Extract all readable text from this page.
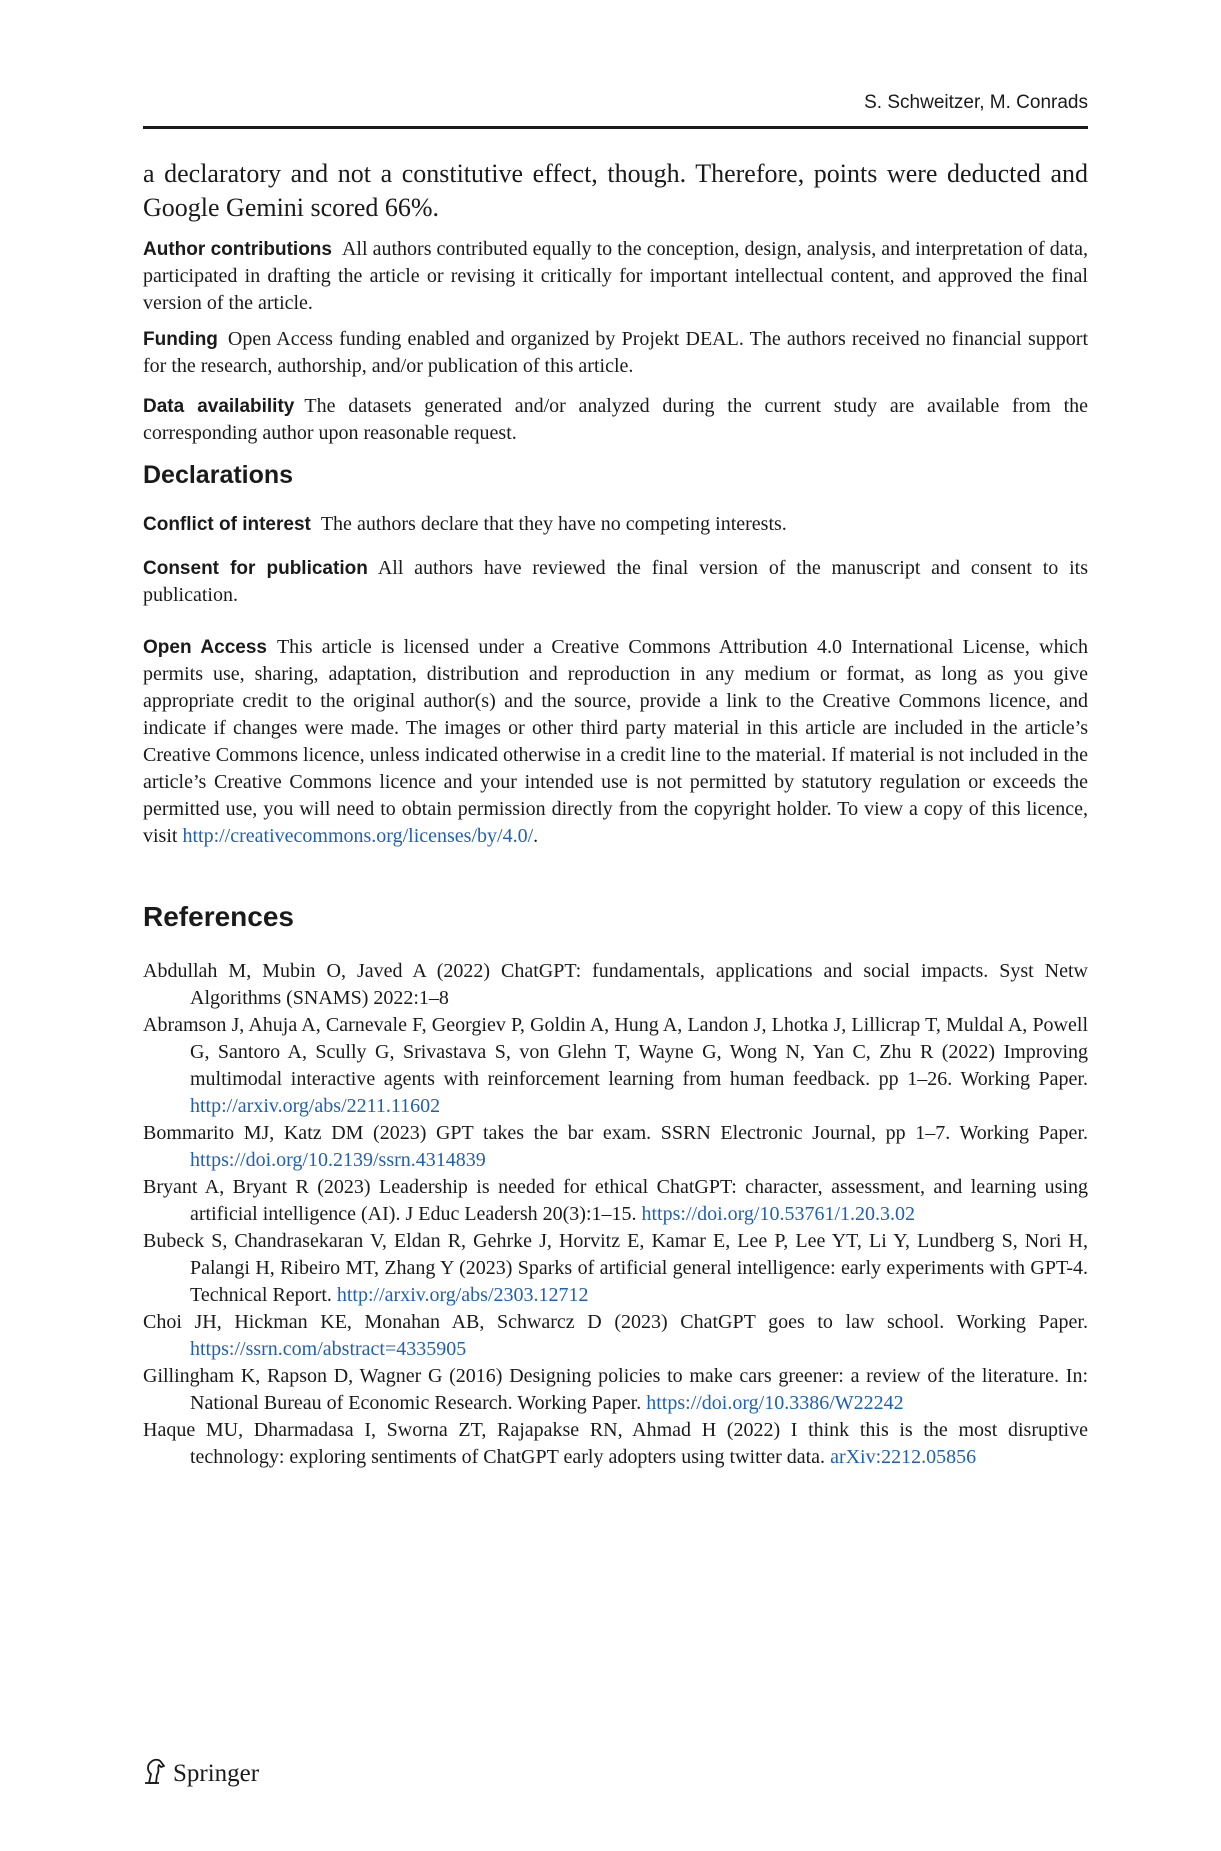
S. Schweitzer, M. Conrads
a declaratory and not a constitutive effect, though. Therefore, points were deducted and Google Gemini scored 66%.

Author contributions All authors contributed equally to the conception, design, analysis, and interpretation of data, participated in drafting the article or revising it critically for important intellectual content, and approved the final version of the article.

Funding Open Access funding enabled and organized by Projekt DEAL. The authors received no financial support for the research, authorship, and/or publication of this article.

Data availability The datasets generated and/or analyzed during the current study are available from the corresponding author upon reasonable request.

Declarations

Conflict of interest The authors declare that they have no competing interests.

Consent for publication All authors have reviewed the final version of the manuscript and consent to its publication.

Open Access This article is licensed under a Creative Commons Attribution 4.0 International License, which permits use, sharing, adaptation, distribution and reproduction in any medium or format, as long as you give appropriate credit to the original author(s) and the source, provide a link to the Creative Commons licence, and indicate if changes were made. The images or other third party material in this article are included in the article’s Creative Commons licence, unless indicated otherwise in a credit line to the material. If material is not included in the article’s Creative Commons licence and your intended use is not permitted by statutory regulation or exceeds the permitted use, you will need to obtain permission directly from the copyright holder. To view a copy of this licence, visit http://creativecommons.org/licenses/by/4.0/.

References
Abdullah M, Mubin O, Javed A (2022) ChatGPT: fundamentals, applications and social impacts. Syst Netw Algorithms (SNAMS) 2022:1–8
Abramson J, Ahuja A, Carnevale F, Georgiev P, Goldin A, Hung A, Landon J, Lhotka J, Lillicrap T, Muldal A, Powell G, Santoro A, Scully G, Srivastava S, von Glehn T, Wayne G, Wong N, Yan C, Zhu R (2022) Improving multimodal interactive agents with reinforcement learning from human feedback. pp 1–26. Working Paper. http://arxiv.org/abs/2211.11602
Bommarito MJ, Katz DM (2023) GPT takes the bar exam. SSRN Electronic Journal, pp 1–7. Working Paper. https://doi.org/10.2139/ssrn.4314839
Bryant A, Bryant R (2023) Leadership is needed for ethical ChatGPT: character, assessment, and learning using artificial intelligence (AI). J Educ Leadersh 20(3):1–15. https://doi.org/10.53761/1.20.3.02
Bubeck S, Chandrasekaran V, Eldan R, Gehrke J, Horvitz E, Kamar E, Lee P, Lee YT, Li Y, Lundberg S, Nori H, Palangi H, Ribeiro MT, Zhang Y (2023) Sparks of artificial general intelligence: early experiments with GPT-4. Technical Report. http://arxiv.org/abs/2303.12712
Choi JH, Hickman KE, Monahan AB, Schwarcz D (2023) ChatGPT goes to law school. Working Paper. https://ssrn.com/abstract=4335905
Gillingham K, Rapson D, Wagner G (2016) Designing policies to make cars greener: a review of the literature. In: National Bureau of Economic Research. Working Paper. https://doi.org/10.3386/W22242
Haque MU, Dharmadasa I, Sworna ZT, Rajapakse RN, Ahmad H (2022) I think this is the most disruptive technology: exploring sentiments of ChatGPT early adopters using twitter data. arXiv:2212.05856
Springer
